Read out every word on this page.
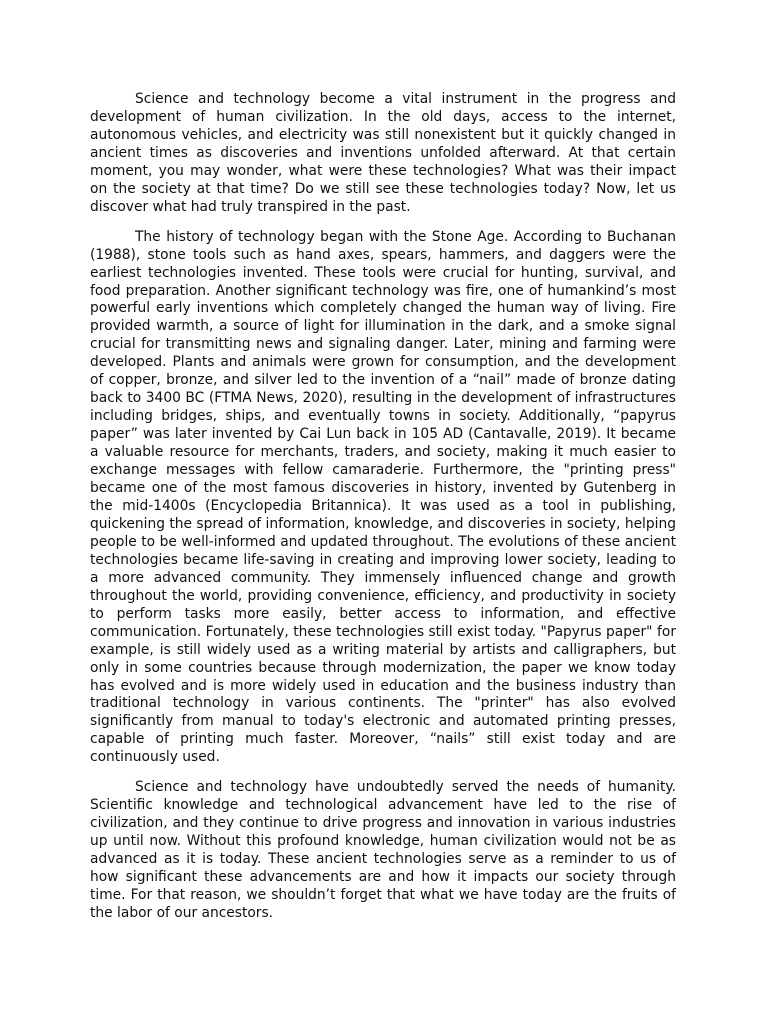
Science and technology become a vital instrument in the progress and development of human civilization. In the old days, access to the internet, autonomous vehicles, and electricity was still nonexistent but it quickly changed in ancient times as discoveries and inventions unfolded afterward. At that certain moment, you may wonder, what were these technologies? What was their impact on the society at that time? Do we still see these technologies today? Now, let us discover what had truly transpired in the past.

The history of technology began with the Stone Age. According to Buchanan (1988), stone tools such as hand axes, spears, hammers, and daggers were the earliest technologies invented. These tools were crucial for hunting, survival, and food preparation. Another significant technology was fire, one of humankind’s most powerful early inventions which completely changed the human way of living. Fire provided warmth, a source of light for illumination in the dark, and a smoke signal crucial for transmitting news and signaling danger. Later, mining and farming were developed. Plants and animals were grown for consumption, and the development of copper, bronze, and silver led to the invention of a “nail” made of bronze dating back to 3400 BC (FTMA News, 2020), resulting in the development of infrastructures including bridges, ships, and eventually towns in society. Additionally, “papyrus paper” was later invented by Cai Lun back in 105 AD (Cantavalle, 2019). It became a valuable resource for merchants, traders, and society, making it much easier to exchange messages with fellow camaraderie. Furthermore, the "printing press" became one of the most famous discoveries in history, invented by Gutenberg in the mid-1400s (Encyclopedia Britannica). It was used as a tool in publishing, quickening the spread of information, knowledge, and discoveries in society, helping people to be well-informed and updated throughout. The evolutions of these ancient technologies became life-saving in creating and improving lower society, leading to a more advanced community. They immensely influenced change and growth throughout the world, providing convenience, efficiency, and productivity in society to perform tasks more easily, better access to information, and effective communication. Fortunately, these technologies still exist today. "Papyrus paper" for example, is still widely used as a writing material by artists and calligraphers, but only in some countries because through modernization, the paper we know today has evolved and is more widely used in education and the business industry than traditional technology in various continents. The "printer" has also evolved significantly from manual to today's electronic and automated printing presses, capable of printing much faster. Moreover, “nails” still exist today and are continuously used.

Science and technology have undoubtedly served the needs of humanity. Scientific knowledge and technological advancement have led to the rise of civilization, and they continue to drive progress and innovation in various industries up until now. Without this profound knowledge, human civilization would not be as advanced as it is today. These ancient technologies serve as a reminder to us of how significant these advancements are and how it impacts our society through time. For that reason, we shouldn’t forget that what we have today are the fruits of the labor of our ancestors.
